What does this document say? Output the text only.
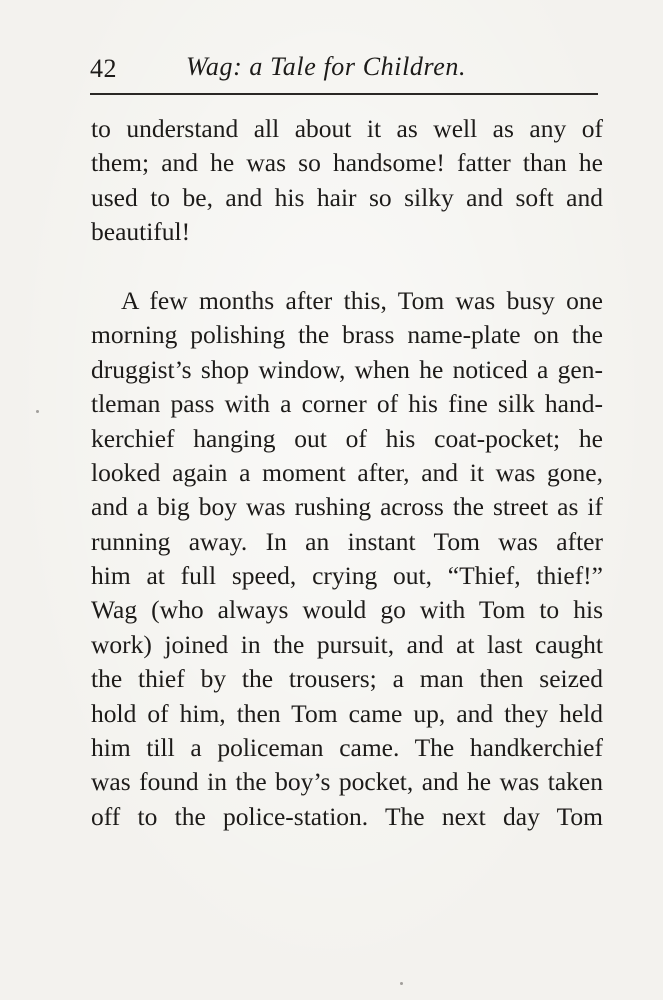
42	Wag: a Tale for Children.
to understand all about it as well as any of
them; and he was so handsome! fatter than he
used to be, and his hair so silky and soft and
beautiful!
A few months after this, Tom was busy one
morning polishing the brass name-plate on the
druggist’s shop window, when he noticed a gen-
tleman pass with a corner of his fine silk hand-
kerchief hanging out of his coat-pocket; he
looked again a moment after, and it was gone,
and a big boy was rushing across the street as if
running away. In an instant Tom was after
him at full speed, crying out, “Thief, thief!”
Wag (who always would go with Tom to his
work) joined in the pursuit, and at last caught
the thief by the trousers; a man then seized
hold of him, then Tom came up, and they held
him till a policeman came. The handkerchief
was found in the boy’s pocket, and he was taken
off to the police-station. The next day Tom
